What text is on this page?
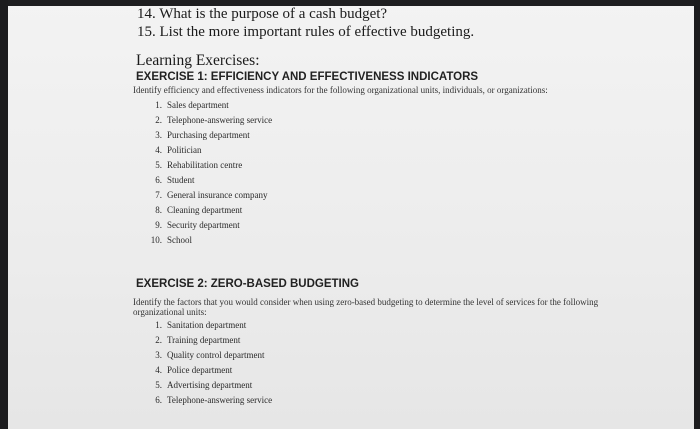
14. What is the purpose of a cash budget?
15. List the more important rules of effective budgeting.
Learning Exercises:
EXERCISE 1: EFFICIENCY AND EFFECTIVENESS INDICATORS
Identify efficiency and effectiveness indicators for the following organizational units, individuals, or organizations:
1. Sales department
2. Telephone-answering service
3. Purchasing department
4. Politician
5. Rehabilitation centre
6. Student
7. General insurance company
8. Cleaning department
9. Security department
10. School
EXERCISE 2: ZERO-BASED BUDGETING
Identify the factors that you would consider when using zero-based budgeting to determine the level of services for the following
organizational units:
1. Sanitation department
2. Training department
3. Quality control department
4. Police department
5. Advertising department
6. Telephone-answering service
